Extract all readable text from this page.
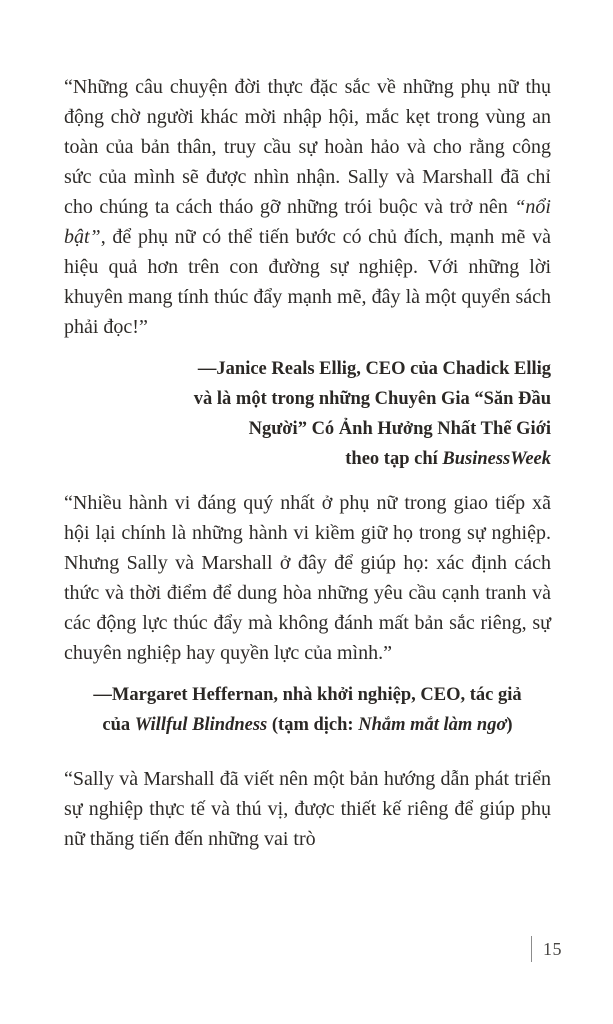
“Những câu chuyện đời thực đặc sắc về những phụ nữ thụ động chờ người khác mời nhập hội, mắc kẹt trong vùng an toàn của bản thân, truy cầu sự hoàn hảo và cho rằng công sức của mình sẽ được nhìn nhận. Sally và Marshall đã chỉ cho chúng ta cách tháo gỡ những trói buộc và trở nên “nổi bật”, để phụ nữ có thể tiến bước có chủ đích, mạnh mẽ và hiệu quả hơn trên con đường sự nghiệp. Với những lời khuyên mang tính thúc đẩy mạnh mẽ, đây là một quyển sách phải đọc!”

—Janice Reals Ellig, CEO của Chadick Ellig
và là một trong những Chuyên Gia “Săn Đầu
Người” Có Ảnh Hưởng Nhất Thế Giới
theo tạp chí BusinessWeek

“Nhiều hành vi đáng quý nhất ở phụ nữ trong giao tiếp xã hội lại chính là những hành vi kiềm giữ họ trong sự nghiệp. Nhưng Sally và Marshall ở đây để giúp họ: xác định cách thức và thời điểm để dung hòa những yêu cầu cạnh tranh và các động lực thúc đẩy mà không đánh mất bản sắc riêng, sự chuyên nghiệp hay quyền lực của mình.”

—Margaret Heffernan, nhà khởi nghiệp, CEO, tác giả
của Willful Blindness (tạm dịch: Nhắm mắt làm ngơ)

“Sally và Marshall đã viết nên một bản hướng dẫn phát triển sự nghiệp thực tế và thú vị, được thiết kế riêng để giúp phụ nữ thăng tiến đến những vai trò

15
